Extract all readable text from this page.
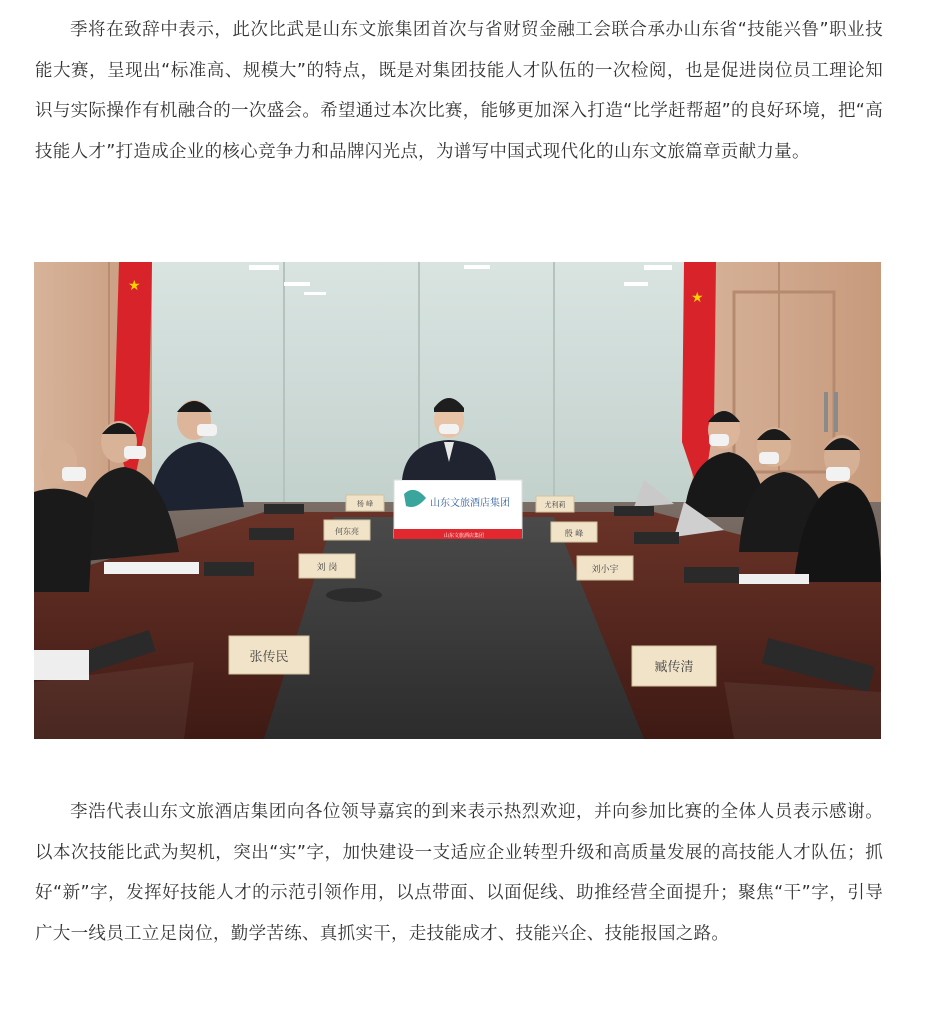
季将在致辞中表示，此次比武是山东文旅集团首次与省财贸金融工会联合承办山东省“技能兴鲁”职业技能大赛，呈现出“标准高、规模大”的特点，既是对集团技能人才队伍的一次检阅，也是促进岗位员工理论知识与实际操作有机融合的一次盛会。希望通过本次比赛，能够更加深入打造“比学赶帮超”的良好环境，把“高技能人才”打造成企业的核心竞争力和品牌闪光点，为谱写中国式现代化的山东文旅篇章贡献力量。

★
★
山东文旅酒店集团
山东文旅酒店集团
张传民
臧传清
刘 岗	刘小宇
杨 峰	尤利莉
何东亮	殷 峰

李浩代表山东文旅酒店集团向各位领导嘉宾的到来表示热烈欢迎，并向参加比赛的全体人员表示感谢。以本次技能比武为契机，突出“实”字，加快建设一支适应企业转型升级和高质量发展的高技能人才队伍；抓好“新”字，发挥好技能人才的示范引领作用，以点带面、以面促线、助推经营全面提升；聚焦“干”字，引导广大一线员工立足岗位，勤学苦练、真抓实干，走技能成才、技能兴企、技能报国之路。
